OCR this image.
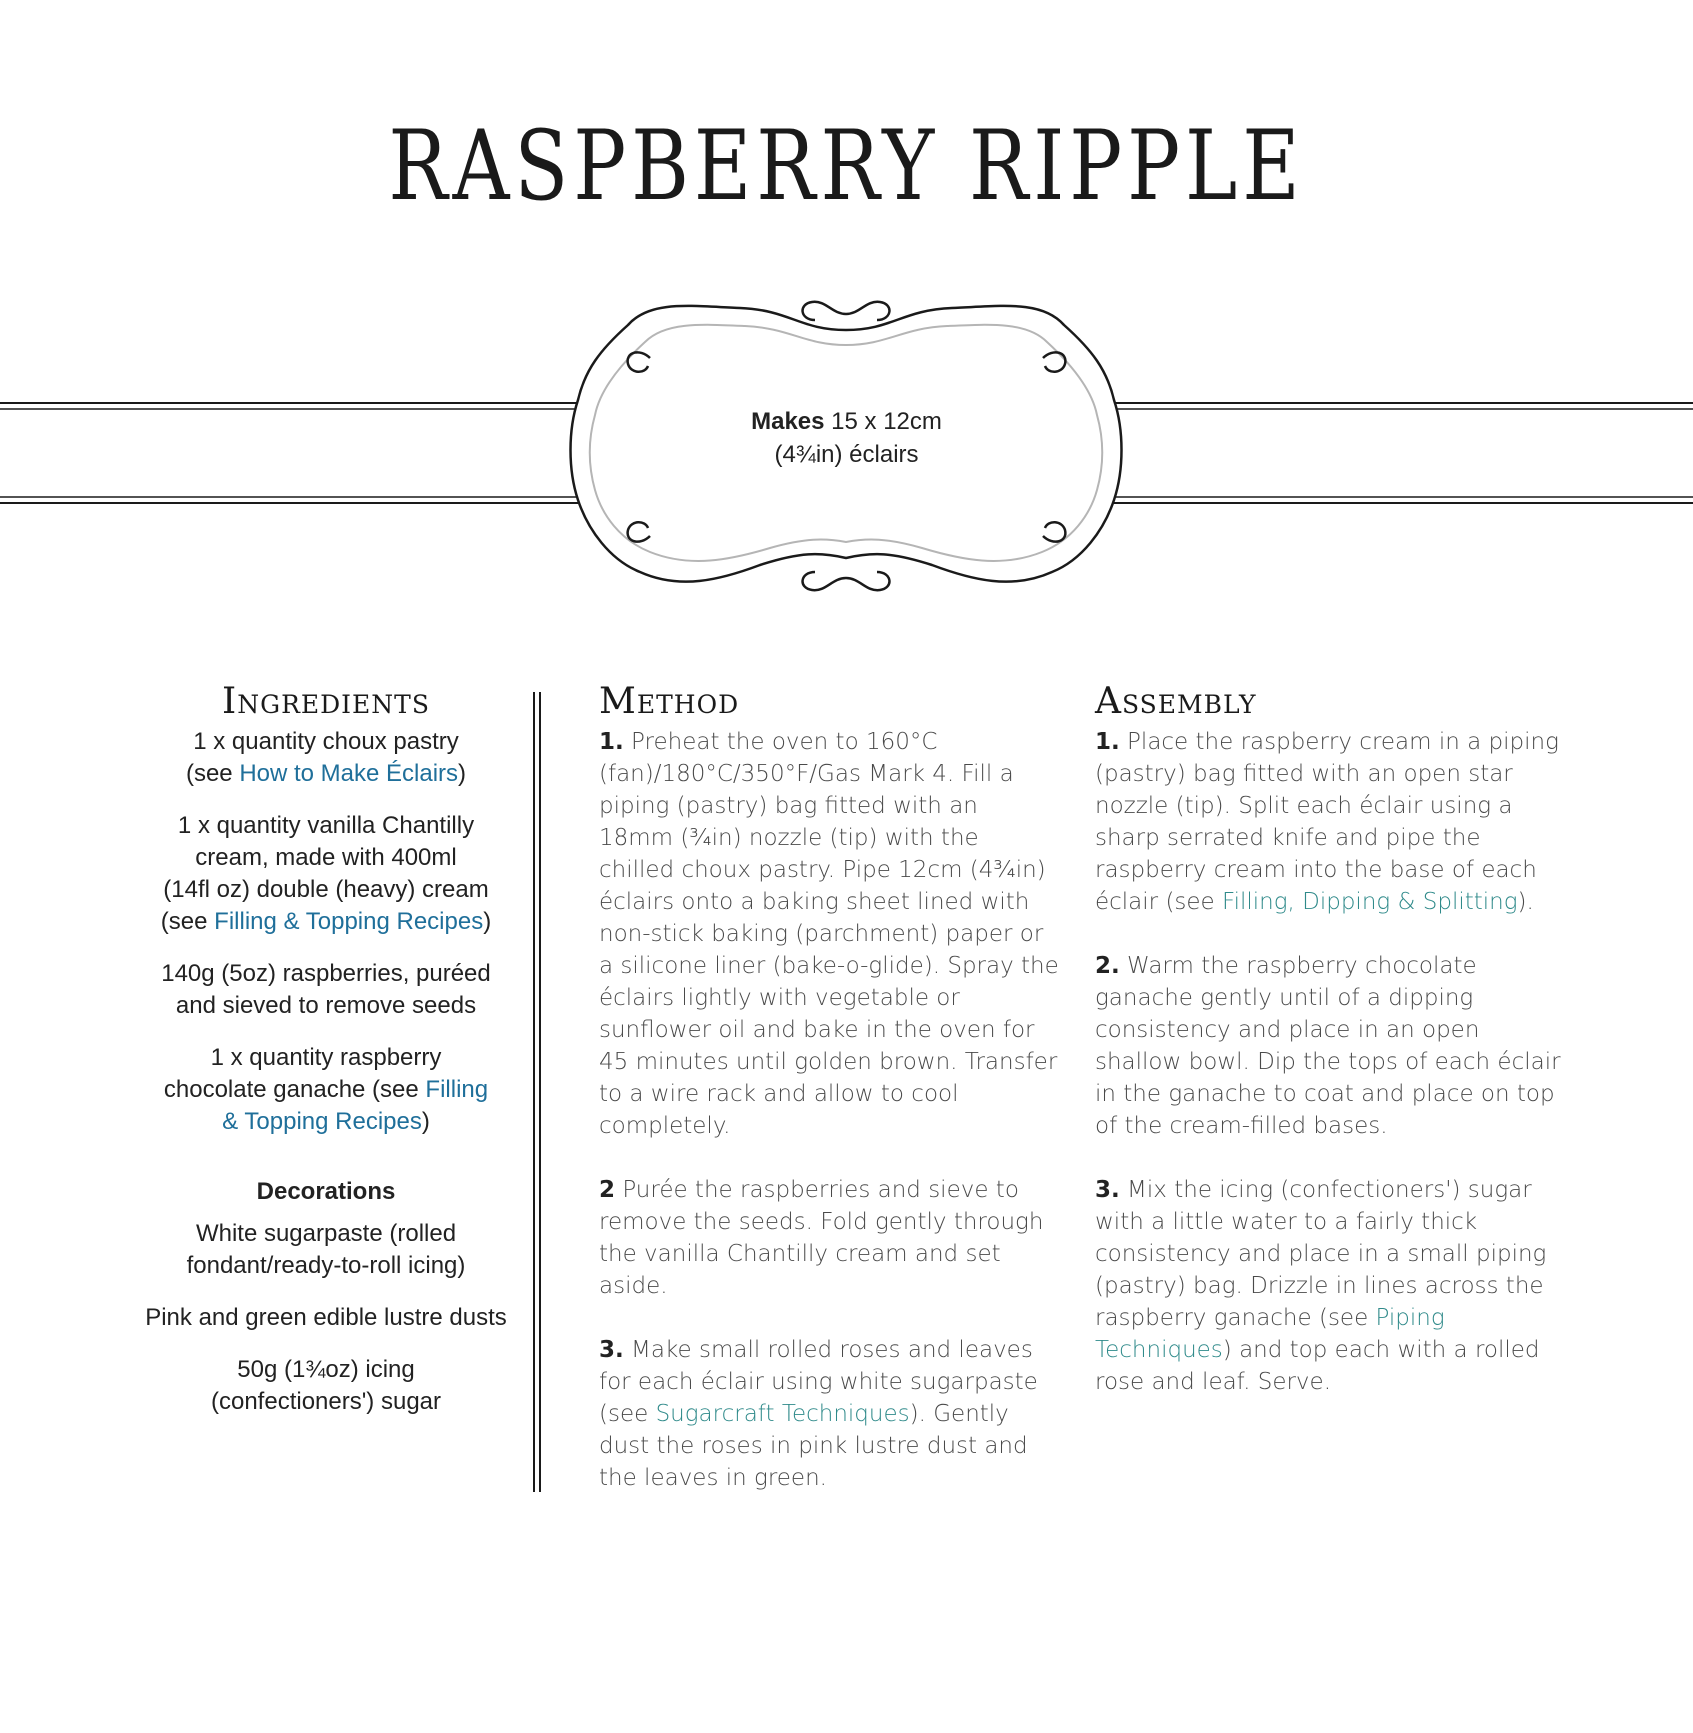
RASPBERRY RIPPLE
Makes 15 x 12cm
(4¾in) éclairs
Ingredients

1 x quantity choux pastry
(see How to Make Éclairs)

1 x quantity vanilla Chantilly
cream, made with 400ml
(14fl oz) double (heavy) cream
(see Filling & Topping Recipes)

140g (5oz) raspberries, puréed
and sieved to remove seeds

1 x quantity raspberry
chocolate ganache (see Filling
& Topping Recipes)

Decorations

White sugarpaste (rolled
fondant/ready-to-roll icing)

Pink and green edible lustre dusts

50g (1¾oz) icing
(confectioners') sugar

Method

1. Preheat the oven to 160°C (fan)/180°C/350°F/Gas Mark 4. Fill a piping (pastry) bag fitted with an 18mm (¾in) nozzle (tip) with the chilled choux pastry. Pipe 12cm (4¾in) éclairs onto a baking sheet lined with non-stick baking (parchment) paper or a silicone liner (bake-o-glide). Spray the éclairs lightly with vegetable or sunflower oil and bake in the oven for 45 minutes until golden brown. Transfer to a wire rack and allow to cool completely.

2 Purée the raspberries and sieve to remove the seeds. Fold gently through the vanilla Chantilly cream and set aside.

3. Make small rolled roses and leaves for each éclair using white sugarpaste (see Sugarcraft Techniques). Gently dust the roses in pink lustre dust and the leaves in green.

Assembly

1. Place the raspberry cream in a piping (pastry) bag fitted with an open star nozzle (tip). Split each éclair using a sharp serrated knife and pipe the raspberry cream into the base of each éclair (see Filling, Dipping & Splitting).

2. Warm the raspberry chocolate ganache gently until of a dipping consistency and place in an open shallow bowl. Dip the tops of each éclair in the ganache to coat and place on top of the cream-filled bases.

3. Mix the icing (confectioners') sugar with a little water to a fairly thick consistency and place in a small piping (pastry) bag. Drizzle in lines across the raspberry ganache (see Piping Techniques) and top each with a rolled rose and leaf. Serve.
